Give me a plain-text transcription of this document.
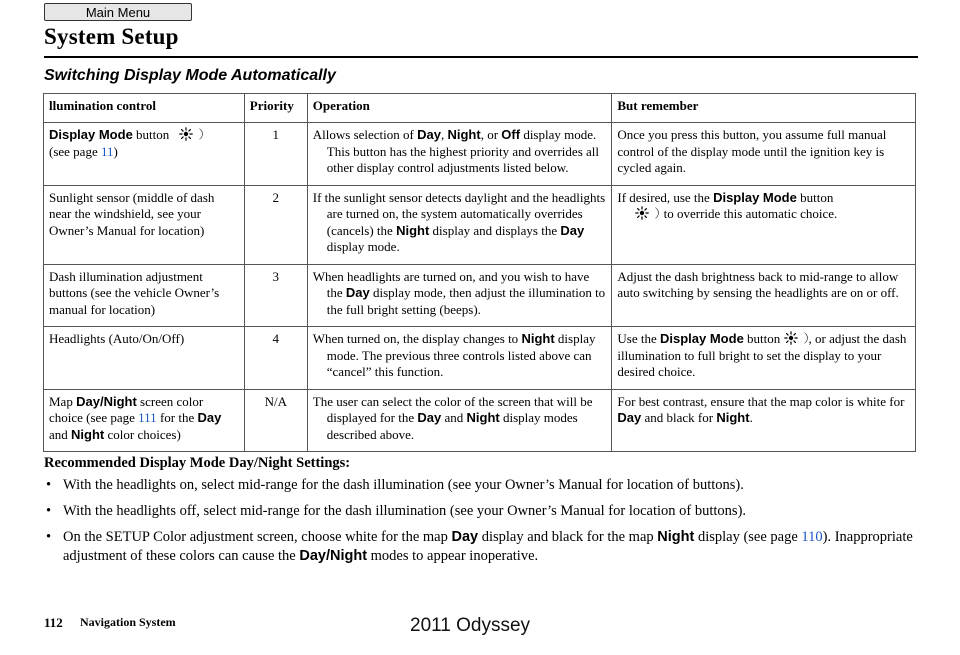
Main Menu
System Setup
Switching Display Mode Automatically
llumination control	Priority	Operation	But remember
Display Mode button
(see page 11)	1	Allows selection of Day, Night, or Off display mode. This button has the highest priority and overrides all other display control adjustments listed below.	Once you press this button, you assume full manual control of the display mode until the ignition key is cycled again.
Sunlight sensor (middle of dash near the windshield, see your Owner’s Manual for location)	2	If the sunlight sensor detects daylight and the headlights are turned on, the system automatically overrides (cancels) the Night display and displays the Day display mode.	If desired, use the Display Mode button
to override this automatic choice.

Dash illumination adjustment buttons (see the vehicle Owner’s manual for location)	3	When headlights are turned on, and you wish to have the Day display mode, then adjust the illumination to the full bright setting (beeps).	Adjust the dash brightness back to mid-range to allow auto switching by sensing the headlights are on or off.
Headlights (Auto/On/Off)	4	When turned on, the display changes to Night display mode. The previous three controls listed above can “cancel” this function.	Use the Display Mode button , or adjust the dash illumination to full bright to set the display to your desired choice.
Map Day/Night screen color choice (see page 111 for the Day and Night color choices)	N/A	The user can select the color of the screen that will be displayed for the Day and Night display modes described above.	For best contrast, ensure that the map color is white for Day and black for Night.
Recommended Display Mode Day/Night Settings:
• With the headlights on, select mid-range for the dash illumination (see your Owner’s Manual for location of buttons).
• With the headlights off, select mid-range for the dash illumination (see your Owner’s Manual for location of buttons).
• On the SETUP Color adjustment screen, choose white for the map Day display and black for the map Night display (see page 110). Inappropriate adjustment of these colors can cause the Day/Night modes to appear inoperative.
112 Navigation System	2011 Odyssey
